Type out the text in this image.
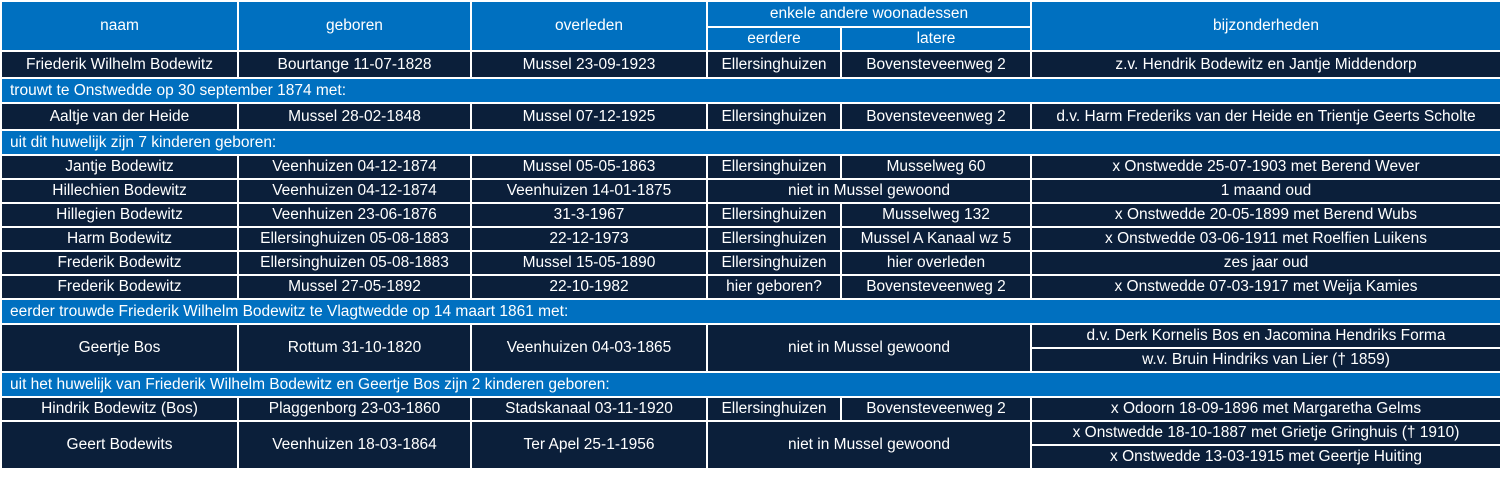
naam	geboren	overleden	enkele andere woonadessen		bijzonderheden
			eerdere	latere	
Friederik Wilhelm Bodewitz	Bourtange 11-07-1828	Mussel 23-09-1923	Ellersinghuizen	Bovensteveenweg 2	z.v. Hendrik Bodewitz en Jantje Middendorp
trouwt te Onstwedde op 30 september 1874 met:					
Aaltje van der Heide	Mussel 28-02-1848	Mussel 07-12-1925	Ellersinghuizen	Bovensteveenweg 2	d.v. Harm Frederiks van der Heide en Trientje Geerts Scholte
uit dit huwelijk zijn 7 kinderen geboren:					
Jantje Bodewitz	Veenhuizen 04-12-1874	Mussel 05-05-1863	Ellersinghuizen	Musselweg 60	x Onstwedde 25-07-1903 met Berend Wever
Hillechien Bodewitz	Veenhuizen 04-12-1874	Veenhuizen 14-01-1875	niet in Mussel gewoond		1 maand oud
Hillegien Bodewitz	Veenhuizen 23-06-1876	31-3-1967	Ellersinghuizen	Musselweg 132	x Onstwedde 20-05-1899 met Berend Wubs
Harm Bodewitz	Ellersinghuizen 05-08-1883	22-12-1973	Ellersinghuizen	Mussel A Kanaal wz 5	x Onstwedde 03-06-1911 met Roelfien Luikens
Frederik Bodewitz	Ellersinghuizen 05-08-1883	Mussel 15-05-1890	Ellersinghuizen	hier overleden	zes jaar oud
Frederik Bodewitz	Mussel 27-05-1892	22-10-1982	hier geboren?	Bovensteveenweg 2	x Onstwedde 07-03-1917 met Weija Kamies
eerder trouwde Friederik Wilhelm Bodewitz te Vlagtwedde op 14 maart 1861 met:					
Geertje Bos	Rottum 31-10-1820	Veenhuizen 04-03-1865	niet in Mussel gewoond		d.v. Derk Kornelis Bos en Jacomina Hendriks Forma
					w.v. Bruin Hindriks van Lier († 1859)
uit het huwelijk van Friederik Wilhelm Bodewitz en Geertje Bos zijn 2 kinderen geboren:					
Hindrik Bodewitz (Bos)	Plaggenborg 23-03-1860	Stadskanaal 03-11-1920	Ellersinghuizen	Bovensteveenweg 2	x Odoorn 18-09-1896 met Margaretha Gelms
Geert Bodewits	Veenhuizen 18-03-1864	Ter Apel 25-1-1956	niet in Mussel gewoond		x Onstwedde 18-10-1887 met Grietje Gringhuis († 1910)
					x Onstwedde 13-03-1915 met Geertje Huiting
